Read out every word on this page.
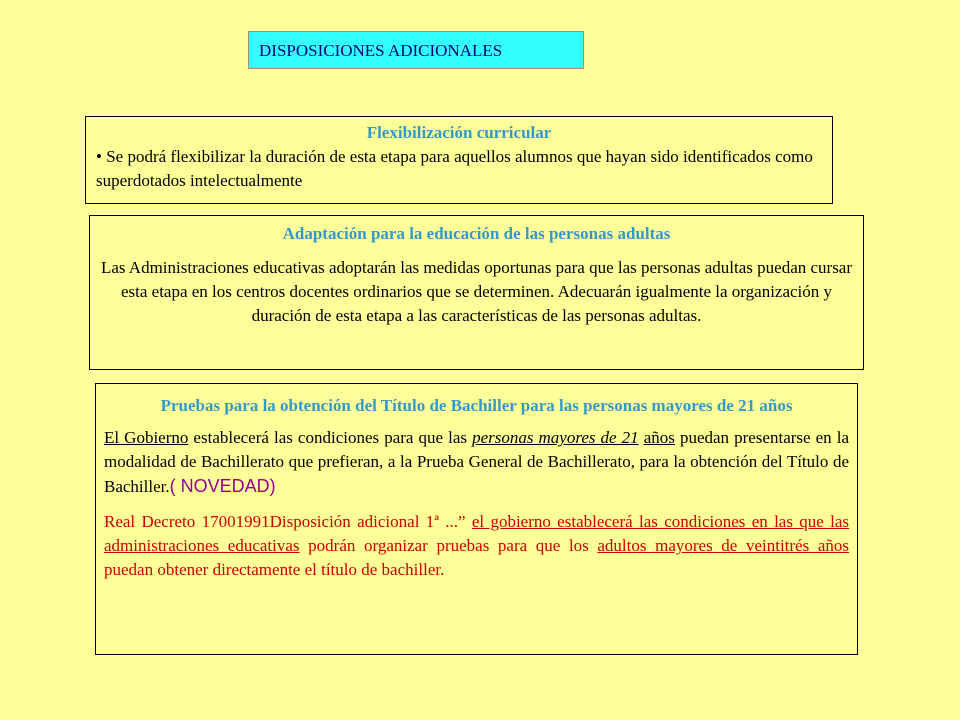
DISPOSICIONES ADICIONALES
Flexibilización curricular
• Se podrá flexibilizar la duración de esta etapa para aquellos alumnos que hayan sido identificados como superdotados intelectualmente
Adaptación para la educación de las personas adultas
Las Administraciones educativas adoptarán las medidas oportunas para que las personas adultas puedan cursar esta etapa en los centros docentes ordinarios que se determinen. Adecuarán igualmente la organización y duración de esta etapa a las características de las personas adultas.
Pruebas para la obtención del Título de Bachiller para las personas mayores de 21 años

El Gobierno establecerá las condiciones para que las personas mayores de 21 años puedan presentarse en la modalidad de Bachillerato que prefieran, a la Prueba General de Bachillerato, para la obtención del Título de Bachiller.( NOVEDAD)

Real Decreto 17001991Disposición adicional 1ª ...” el gobierno establecerá las condiciones en las que las administraciones educativas podrán organizar pruebas para que los adultos mayores de veintitrés años puedan obtener directamente el título de bachiller.
